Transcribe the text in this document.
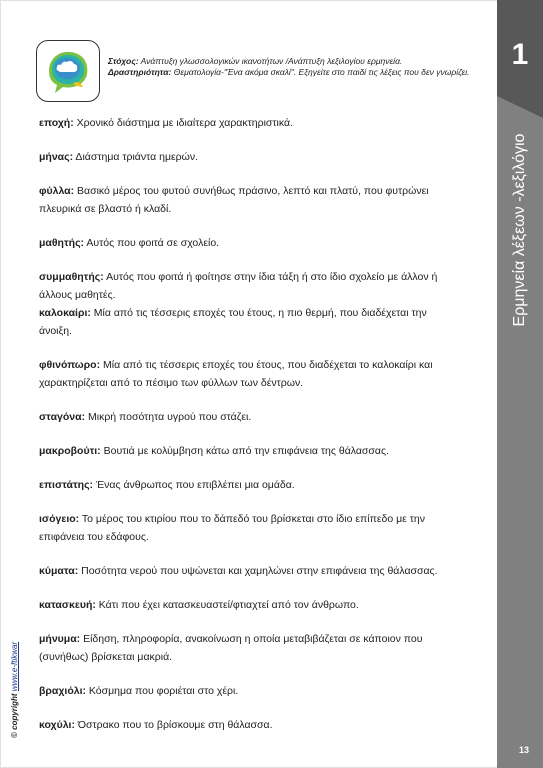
Στόχος: Ανάπτυξη γλωσσολογικών ικανοτήτων /Ανάπτυξη λεξιλογίου ερμηνεία.
Δραστηριότητα: Θεματολογία-"Ένα ακόμα σκαλί". Εξηγείτε στο παιδί τις λέξεις που δεν γνωρίζει.
1
Ερμηνεία λέξεων -λεξιλόγιο
13

εποχή: Χρονικό διάστημα με ιδιαίτερα χαρακτηριστικά.

μήνας: Διάστημα τριάντα ημερών.

φύλλα: Βασικό μέρος του φυτού συνήθως πράσινο, λεπτό και πλατύ, που φυτρώνει πλευρικά σε βλαστό ή κλαδί.

μαθητής: Αυτός που φοιτά σε σχολείο.

συμμαθητής: Αυτός που φοιτά ή φοίτησε στην ίδια τάξη ή στο ίδιο σχολείο με άλλον ή άλλους μαθητές.

καλοκαίρι: Μία από τις τέσσερις εποχές του έτους, η πιο θερμή, που διαδέχεται την άνοιξη.

φθινόπωρο: Μία από τις τέσσερις εποχές του έτους, που διαδέχεται το καλοκαίρι και χαρακτηρίζεται από το πέσιμο των φύλλων των δέντρων.

σταγόνα: Μικρή ποσότητα υγρού που στάζει.

μακροβούτι: Βουτιά με κολύμβηση κάτω από την επιφάνεια της θάλασσας.

επιστάτης: Ένας άνθρωπος που επιβλέπει μια ομάδα.

ισόγειο: Το μέρος του κτιρίου που το δάπεδό του βρίσκεται στο ίδιο επίπεδο με την επιφάνεια του εδάφους.

κύματα: Ποσότητα νερού που υψώνεται και χαμηλώνει στην επιφάνεια της θάλασσας.

κατασκευή: Κάτι που έχει κατασκευαστεί/φτιαχτεί από τον άνθρωπο.

μήνυμα: Είδηση, πληροφορία, ανακοίνωση η οποία μεταβιβάζεται σε κάποιον που (συνήθως) βρίσκεται μακριά.

βραχιόλι: Κόσμημα που φοριέται στο χέρι.

κοχύλι: Όστρακο που το βρίσκουμε στη θάλασσα.

© copyright www.e-ftikwar
